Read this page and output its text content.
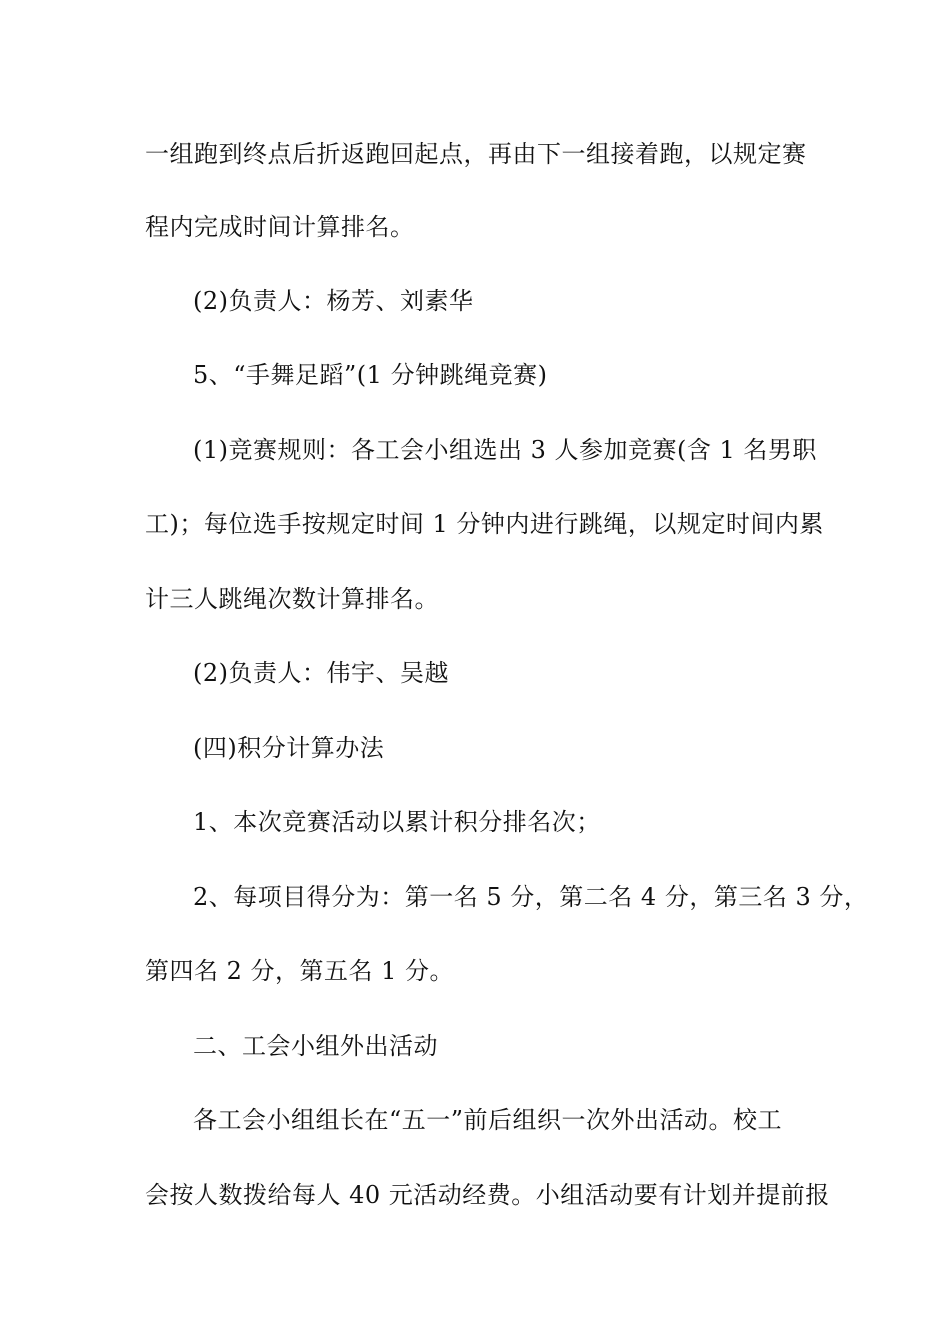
一组跑到终点后折返跑回起点，再由下一组接着跑，以规定赛
程内完成时间计算排名。
(2)负责人：杨芳、刘素华
5、“手舞足蹈”(1 分钟跳绳竞赛)
(1)竞赛规则：各工会小组选出 3 人参加竞赛(含 1 名男职
工)；每位选手按规定时间 1 分钟内进行跳绳，以规定时间内累
计三人跳绳次数计算排名。
(2)负责人：伟宇、吴越
(四)积分计算办法
1、本次竞赛活动以累计积分排名次；
2、每项目得分为：第一名 5 分，第二名 4 分，第三名 3 分，
第四名 2 分，第五名 1 分。
二、工会小组外出活动
各工会小组组长在“五一”前后组织一次外出活动。校工
会按人数拨给每人 40 元活动经费。小组活动要有计划并提前报
